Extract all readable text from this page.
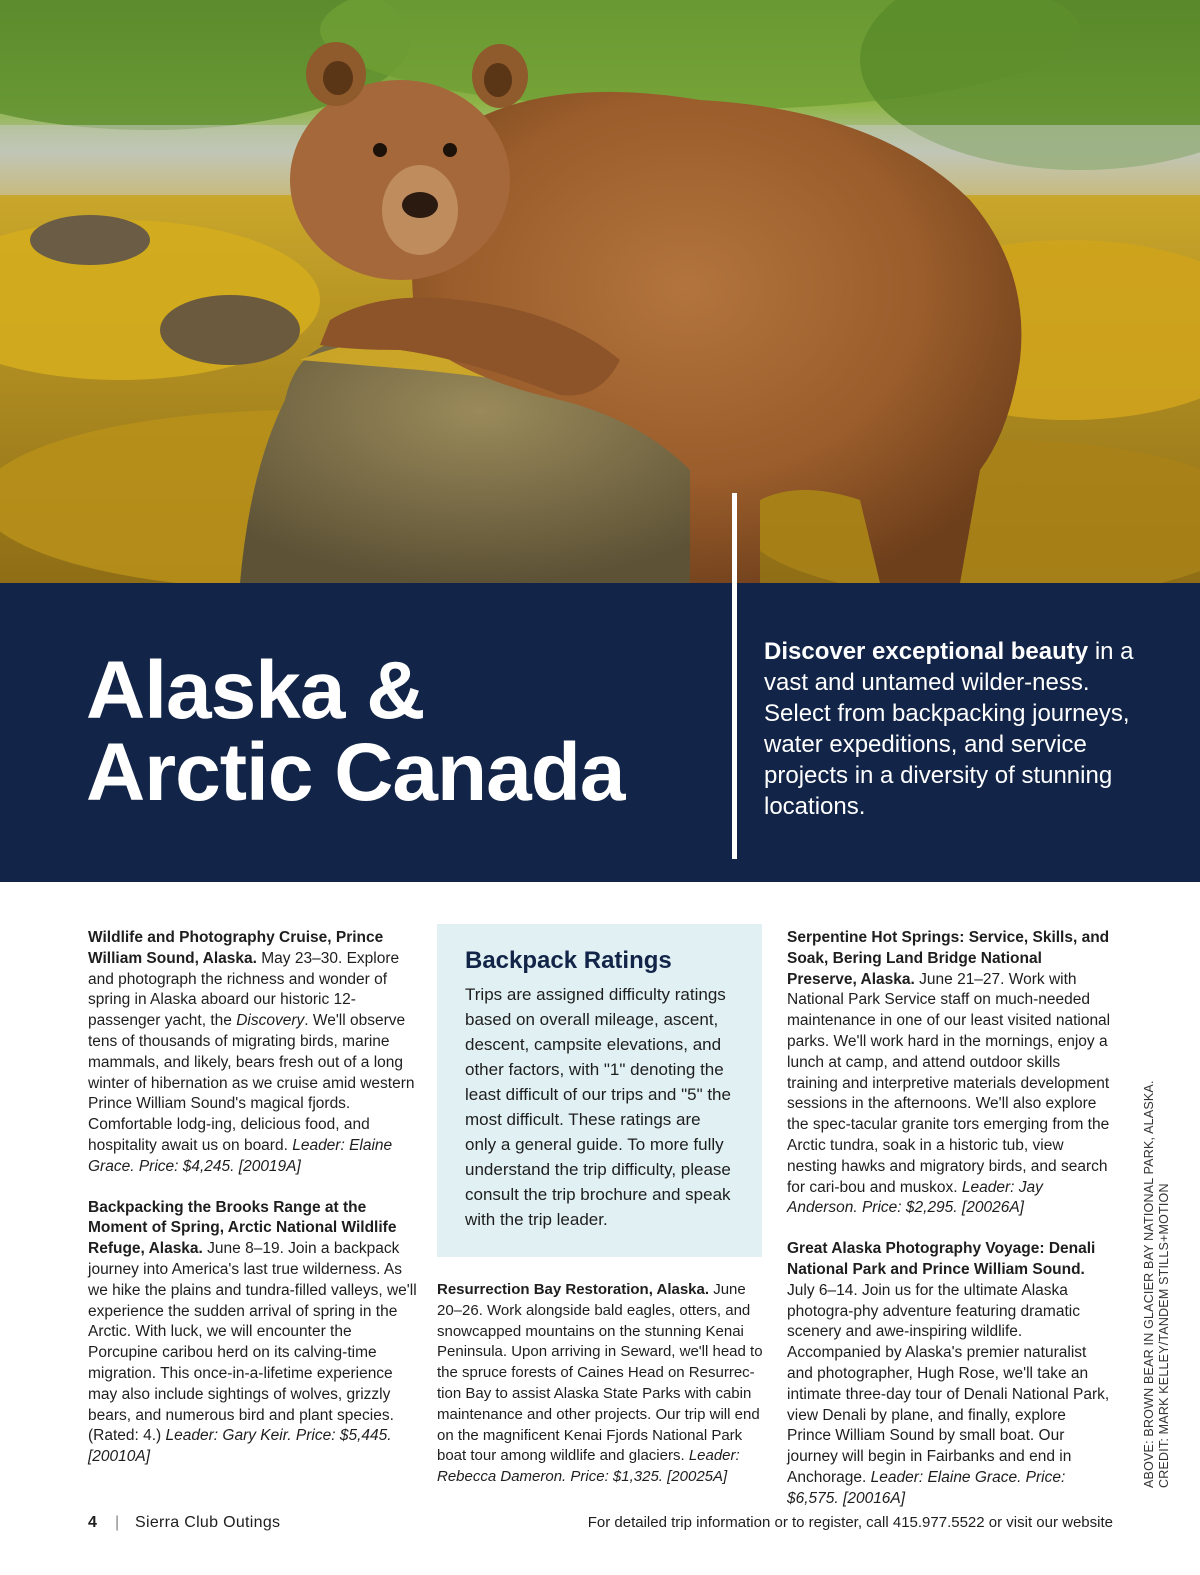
Alaska &
Arctic Canada
Discover exceptional beauty in a vast and untamed wilder-ness. Select from backpacking journeys, water expeditions, and service projects in a diversity of stunning locations.

Wildlife and Photography Cruise, Prince William Sound, Alaska. May 23–30. Explore and photograph the richness and wonder of spring in Alaska aboard our historic 12-passenger yacht, the Discovery. We'll observe tens of thousands of migrating birds, marine mammals, and likely, bears fresh out of a long winter of hibernation as we cruise amid western Prince William Sound's magical fjords. Comfortable lodg-ing, delicious food, and hospitality await us on board. Leader: Elaine Grace. Price: $4,245. [20019A]

Backpacking the Brooks Range at the Moment of Spring, Arctic National Wildlife Refuge, Alaska. June 8–19. Join a backpack journey into America's last true wilderness. As we hike the plains and tundra-filled valleys, we'll experience the sudden arrival of spring in the Arctic. With luck, we will encounter the Porcupine caribou herd on its calving-time migration. This once-in-a-lifetime experience may also include sightings of wolves, grizzly bears, and numerous bird and plant species. (Rated: 4.) Leader: Gary Keir. Price: $5,445. [20010A]

Backpack Ratings

Trips are assigned difficulty ratings based on overall mileage, ascent, descent, campsite elevations, and other factors, with "1" denoting the least difficult of our trips and "5" the most difficult. These ratings are only a general guide. To more fully understand the trip difficulty, please consult the trip brochure and speak with the trip leader.

Resurrection Bay Restoration, Alaska. June 20–26. Work alongside bald eagles, otters, and snowcapped mountains on the stunning Kenai Peninsula. Upon arriving in Seward, we'll head to the spruce forests of Caines Head on Resurrec-tion Bay to assist Alaska State Parks with cabin maintenance and other projects. Our trip will end on the magnificent Kenai Fjords National Park boat tour among wildlife and glaciers. Leader: Rebecca Dameron. Price: $1,325. [20025A]

Serpentine Hot Springs: Service, Skills, and Soak, Bering Land Bridge National Preserve, Alaska. June 21–27. Work with National Park Service staff on much-needed maintenance in one of our least visited national parks. We'll work hard in the mornings, enjoy a lunch at camp, and attend outdoor skills training and interpretive materials development sessions in the afternoons. We'll also explore the spec-tacular granite tors emerging from the Arctic tundra, soak in a historic tub, view nesting hawks and migratory birds, and search for cari-bou and muskox. Leader: Jay Anderson. Price: $2,295. [20026A]

Great Alaska Photography Voyage: Denali National Park and Prince William Sound. July 6–14. Join us for the ultimate Alaska photogra-phy adventure featuring dramatic scenery and awe-inspiring wildlife. Accompanied by Alaska's premier naturalist and photographer, Hugh Rose, we'll take an intimate three-day tour of Denali National Park, view Denali by plane, and finally, explore Prince William Sound by small boat. Our journey will begin in Fairbanks and end in Anchorage. Leader: Elaine Grace. Price: $6,575. [20016A]

ABOVE: BROWN BEAR IN GLACIER BAY NATIONAL PARK, ALASKA. CREDIT: MARK KELLEY/TANDEM STILLS+MOTION
4 | Sierra Club Outings	For detailed trip information or to register, call 415.977.5522 or visit our website
